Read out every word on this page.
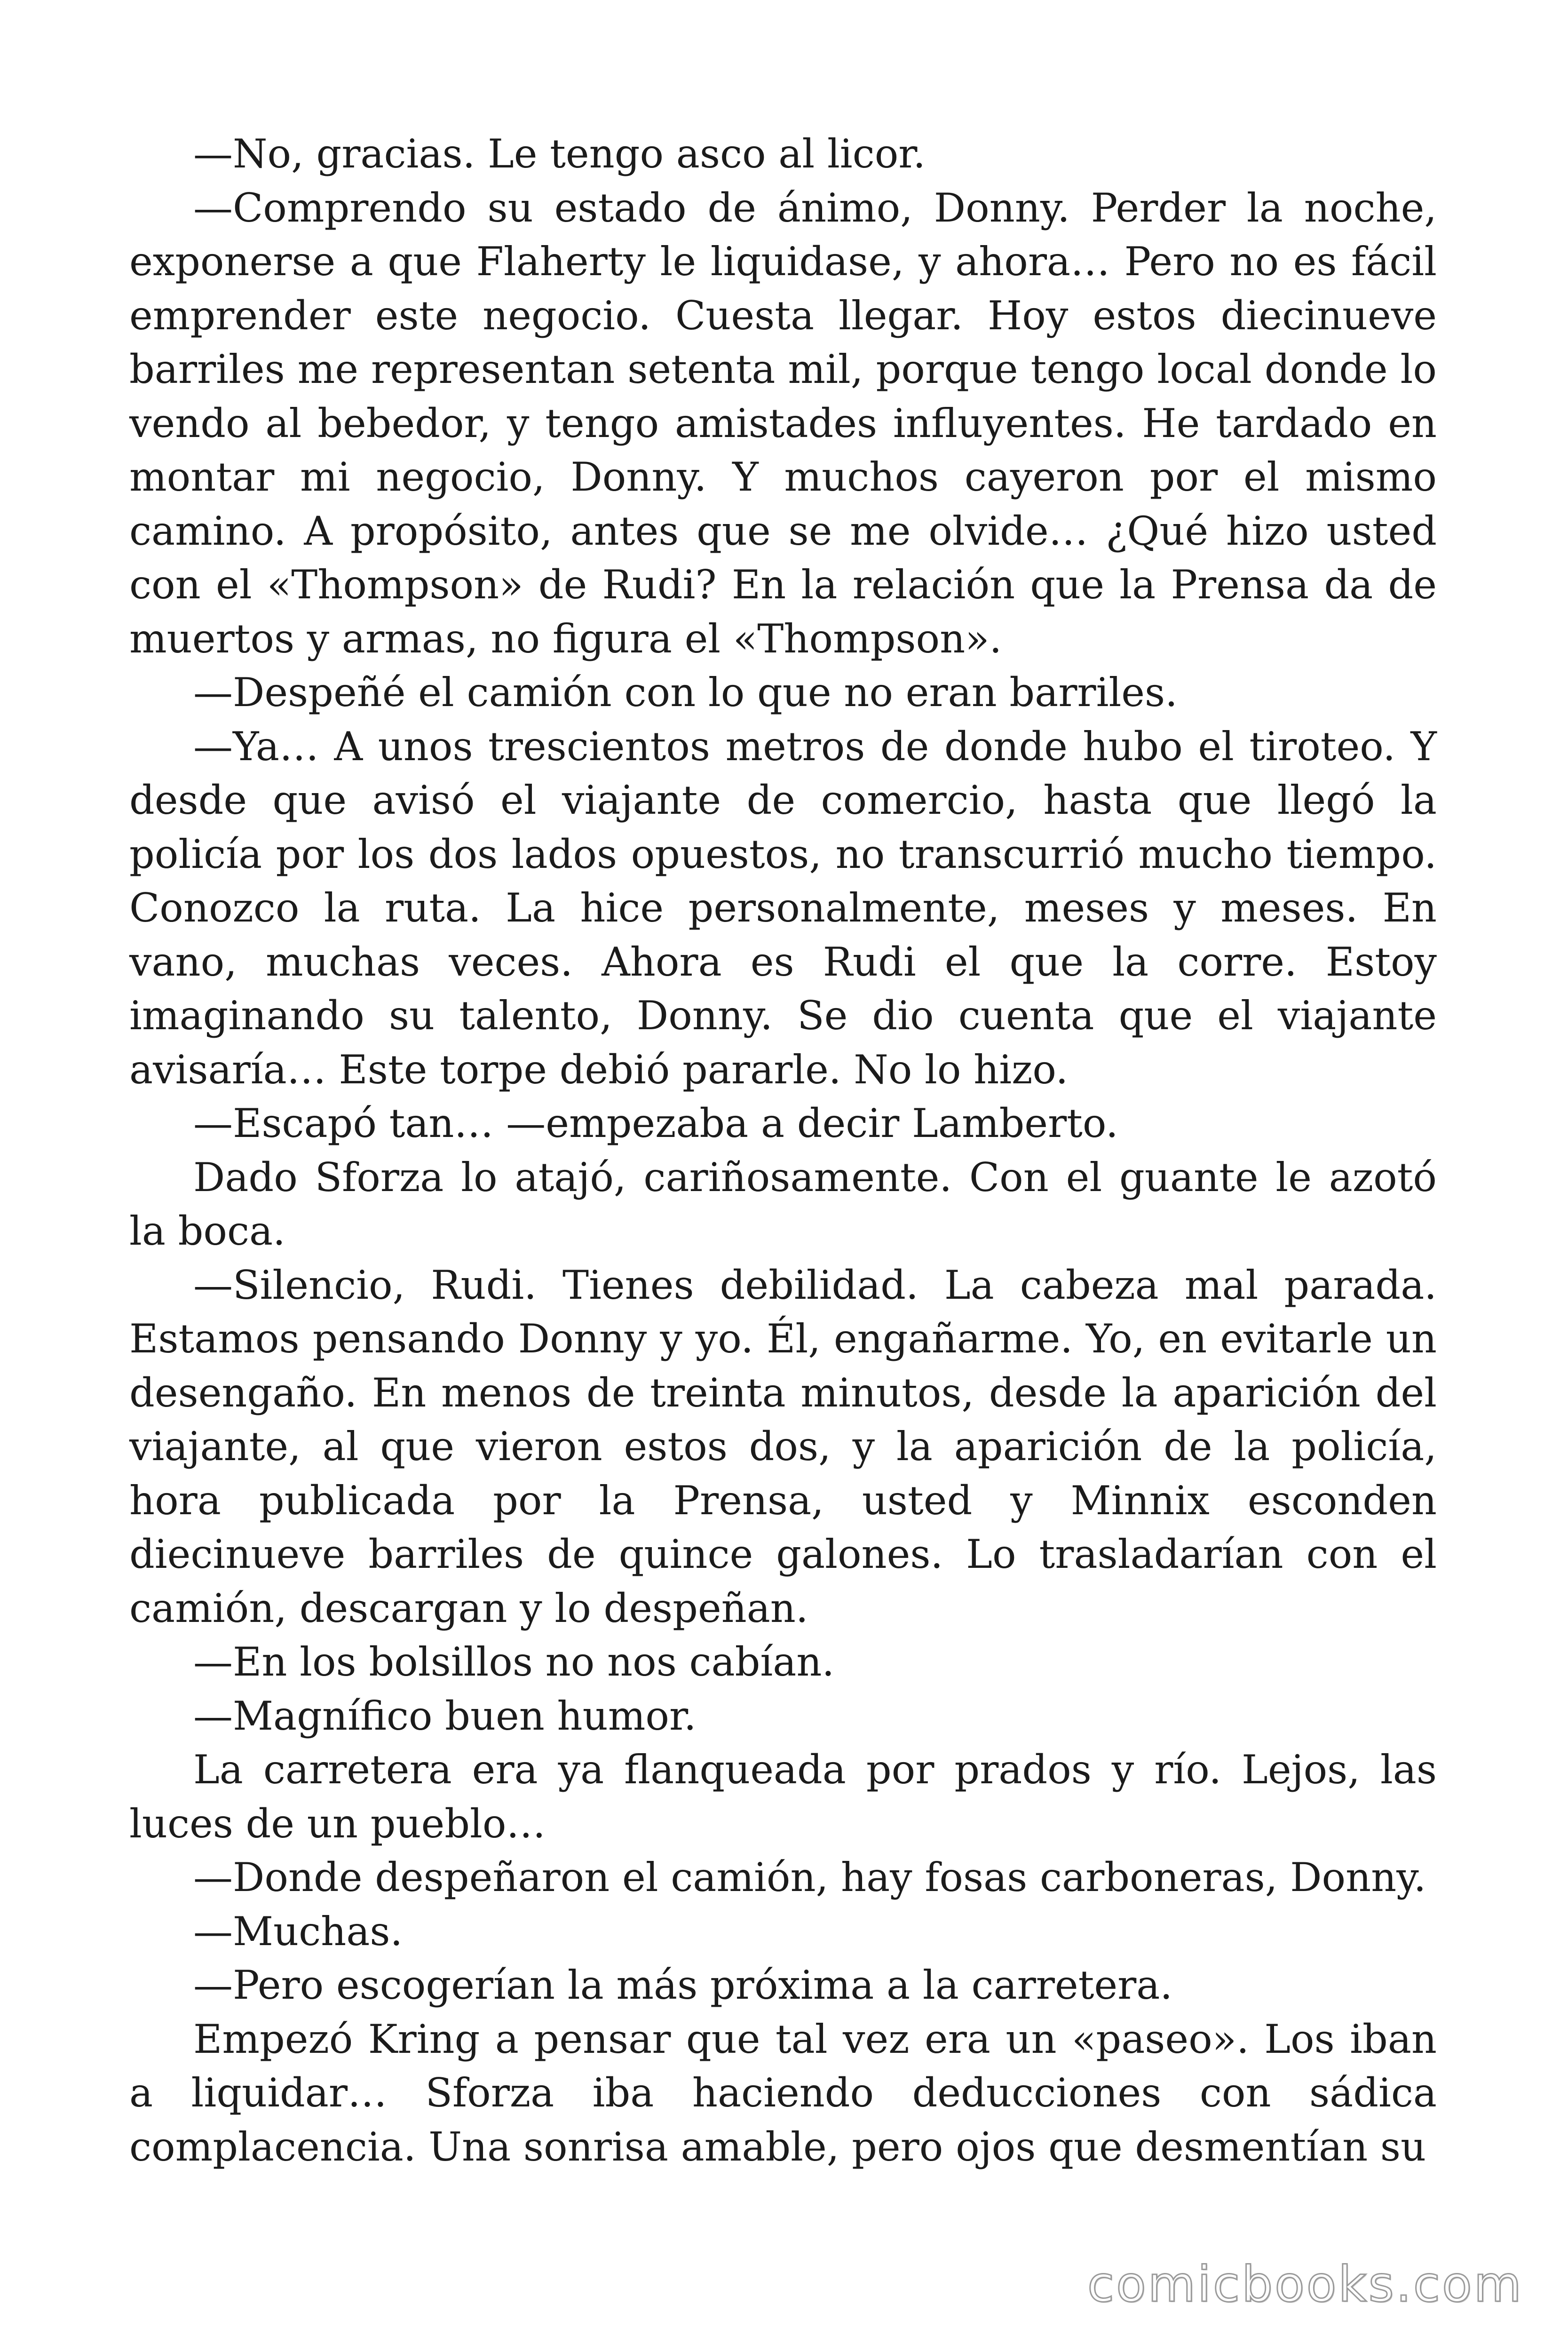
—No, gracias. Le tengo asco al licor.

—Comprendo su estado de ánimo, Donny. Perder la noche, exponerse a que Flaherty le liquidase, y ahora… Pero no es fácil emprender este negocio. Cuesta llegar. Hoy estos diecinueve barriles me representan setenta mil, porque tengo local donde lo vendo al bebedor, y tengo amistades influyentes. He tardado en montar mi negocio, Donny. Y muchos cayeron por el mismo camino. A propósito, antes que se me olvide… ¿Qué hizo usted con el «Thompson» de Rudi? En la relación que la Prensa da de muertos y armas, no figura el «Thompson».

—Despeñé el camión con lo que no eran barriles.

—Ya… A unos trescientos metros de donde hubo el tiroteo. Y desde que avisó el viajante de comercio, hasta que llegó la policía por los dos lados opuestos, no transcurrió mucho tiempo. Conozco la ruta. La hice personalmente, meses y meses. En vano, muchas veces. Ahora es Rudi el que la corre. Estoy imaginando su talento, Donny. Se dio cuenta que el viajante avisaría… Este torpe debió pararle. No lo hizo.

—Escapó tan… —empezaba a decir Lamberto.

Dado Sforza lo atajó, cariñosamente. Con el guante le azotó la boca.

—Silencio, Rudi. Tienes debilidad. La cabeza mal parada. Estamos pensando Donny y yo. Él, engañarme. Yo, en evitarle un desengaño. En menos de treinta minutos, desde la aparición del viajante, al que vieron estos dos, y la aparición de la policía, hora publicada por la Prensa, usted y Minnix esconden diecinueve barriles de quince galones. Lo trasladarían con el camión, descargan y lo despeñan.

—En los bolsillos no nos cabían.

—Magnífico buen humor.

La carretera era ya flanqueada por prados y río. Lejos, las luces de un pueblo…

—Donde despeñaron el camión, hay fosas carboneras, Donny.

—Muchas.

—Pero escogerían la más próxima a la carretera.

Empezó Kring a pensar que tal vez era un «paseo». Los iban a liquidar… Sforza iba haciendo deducciones con sádica complacencia. Una sonrisa amable, pero ojos que desmentían su

comicbooks.com
